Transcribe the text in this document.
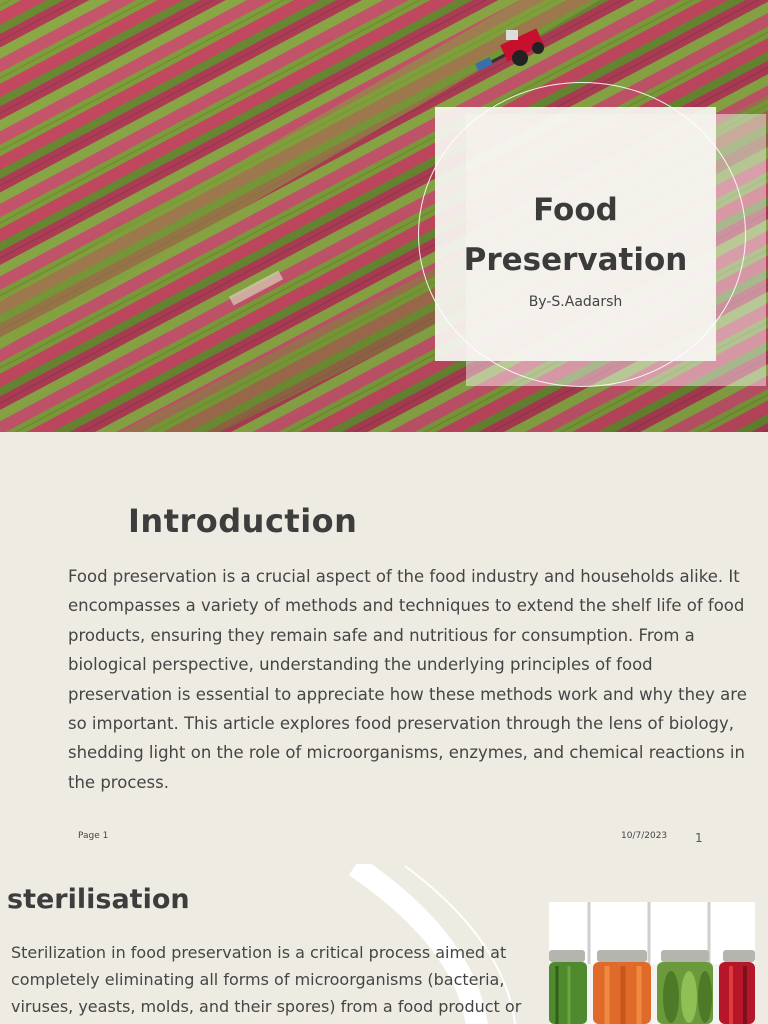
Food Preservation
By-S.Aadarsh
Introduction

Food preservation is a crucial aspect of the food industry and households alike. It encompasses a variety of methods and techniques to extend the shelf life of food products, ensuring they remain safe and nutritious for consumption. From a biological perspective, understanding the underlying principles of food preservation is essential to appreciate how these methods work and why they are so important. This article explores food preservation through the lens of biology, shedding light on the role of microorganisms, enzymes, and chemical reactions in the process.

Page 1	10/7/2023 1
sterilisation

Sterilization in food preservation is a critical process aimed at completely eliminating all forms of microorganisms (bacteria, viruses, yeasts, molds, and their spores) from a food product or
